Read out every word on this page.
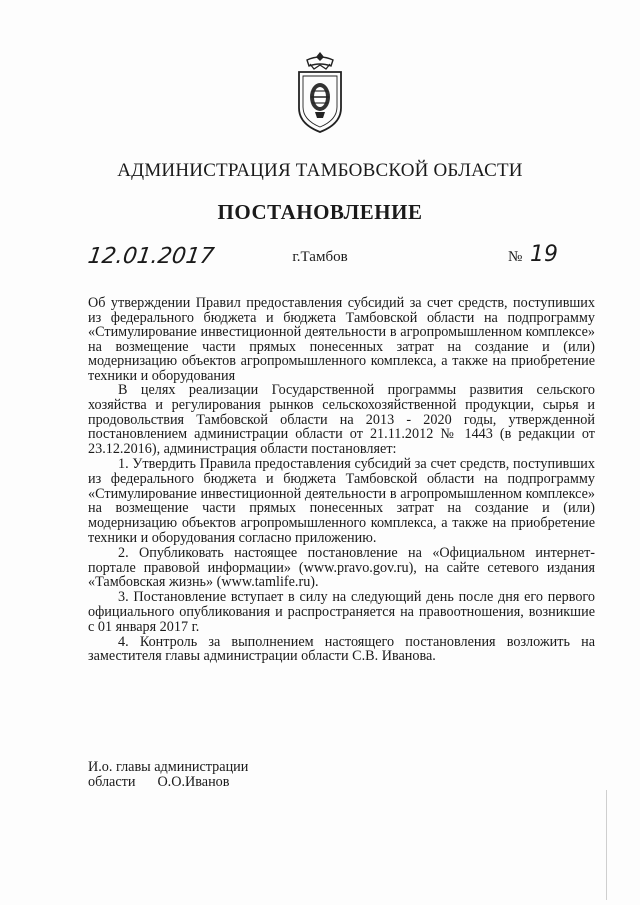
АДМИНИСТРАЦИЯ ТАМБОВСКОЙ ОБЛАСТИ
ПОСТАНОВЛЕНИЕ
12.01.2017	г.Тамбов	№ 19
Об утверждении Правил предоставления субсидий за счет средств, поступивших из федерального бюджета и бюджета Тамбовской области на подпрограмму «Стимулирование инвестиционной деятельности в агропромышленном комплексе» на возмещение части прямых понесенных затрат на создание и (или) модернизацию объектов агропромышленного комплекса, а также на приобретение техники и оборудования

В целях реализации Государственной программы развития сельского хозяйства и регулирования рынков сельскохозяйственной продукции, сырья и продовольствия Тамбовской области на 2013 - 2020 годы, утвержденной постановлением администрации области от 21.11.2012 № 1443 (в редакции от 23.12.2016), администрация области постановляет:

1. Утвердить Правила предоставления субсидий за счет средств, поступивших из федерального бюджета и бюджета Тамбовской области на подпрограмму «Стимулирование инвестиционной деятельности в агропромышленном комплексе» на возмещение части прямых понесенных затрат на создание и (или) модернизацию объектов агропромышленного комплекса, а также на приобретение техники и оборудования согласно приложению.

2. Опубликовать настоящее постановление на «Официальном интернет-портале правовой информации» (www.pravo.gov.ru), на сайте сетевого издания «Тамбовская жизнь» (www.tamlife.ru).

3. Постановление вступает в силу на следующий день после дня его первого официального опубликования и распространяется на правоотношения, возникшие с 01 января 2017 г.

4. Контроль за выполнением настоящего постановления возложить на заместителя главы администрации области С.В. Иванова.

И.о. главы администрации
области О.О.Иванов
